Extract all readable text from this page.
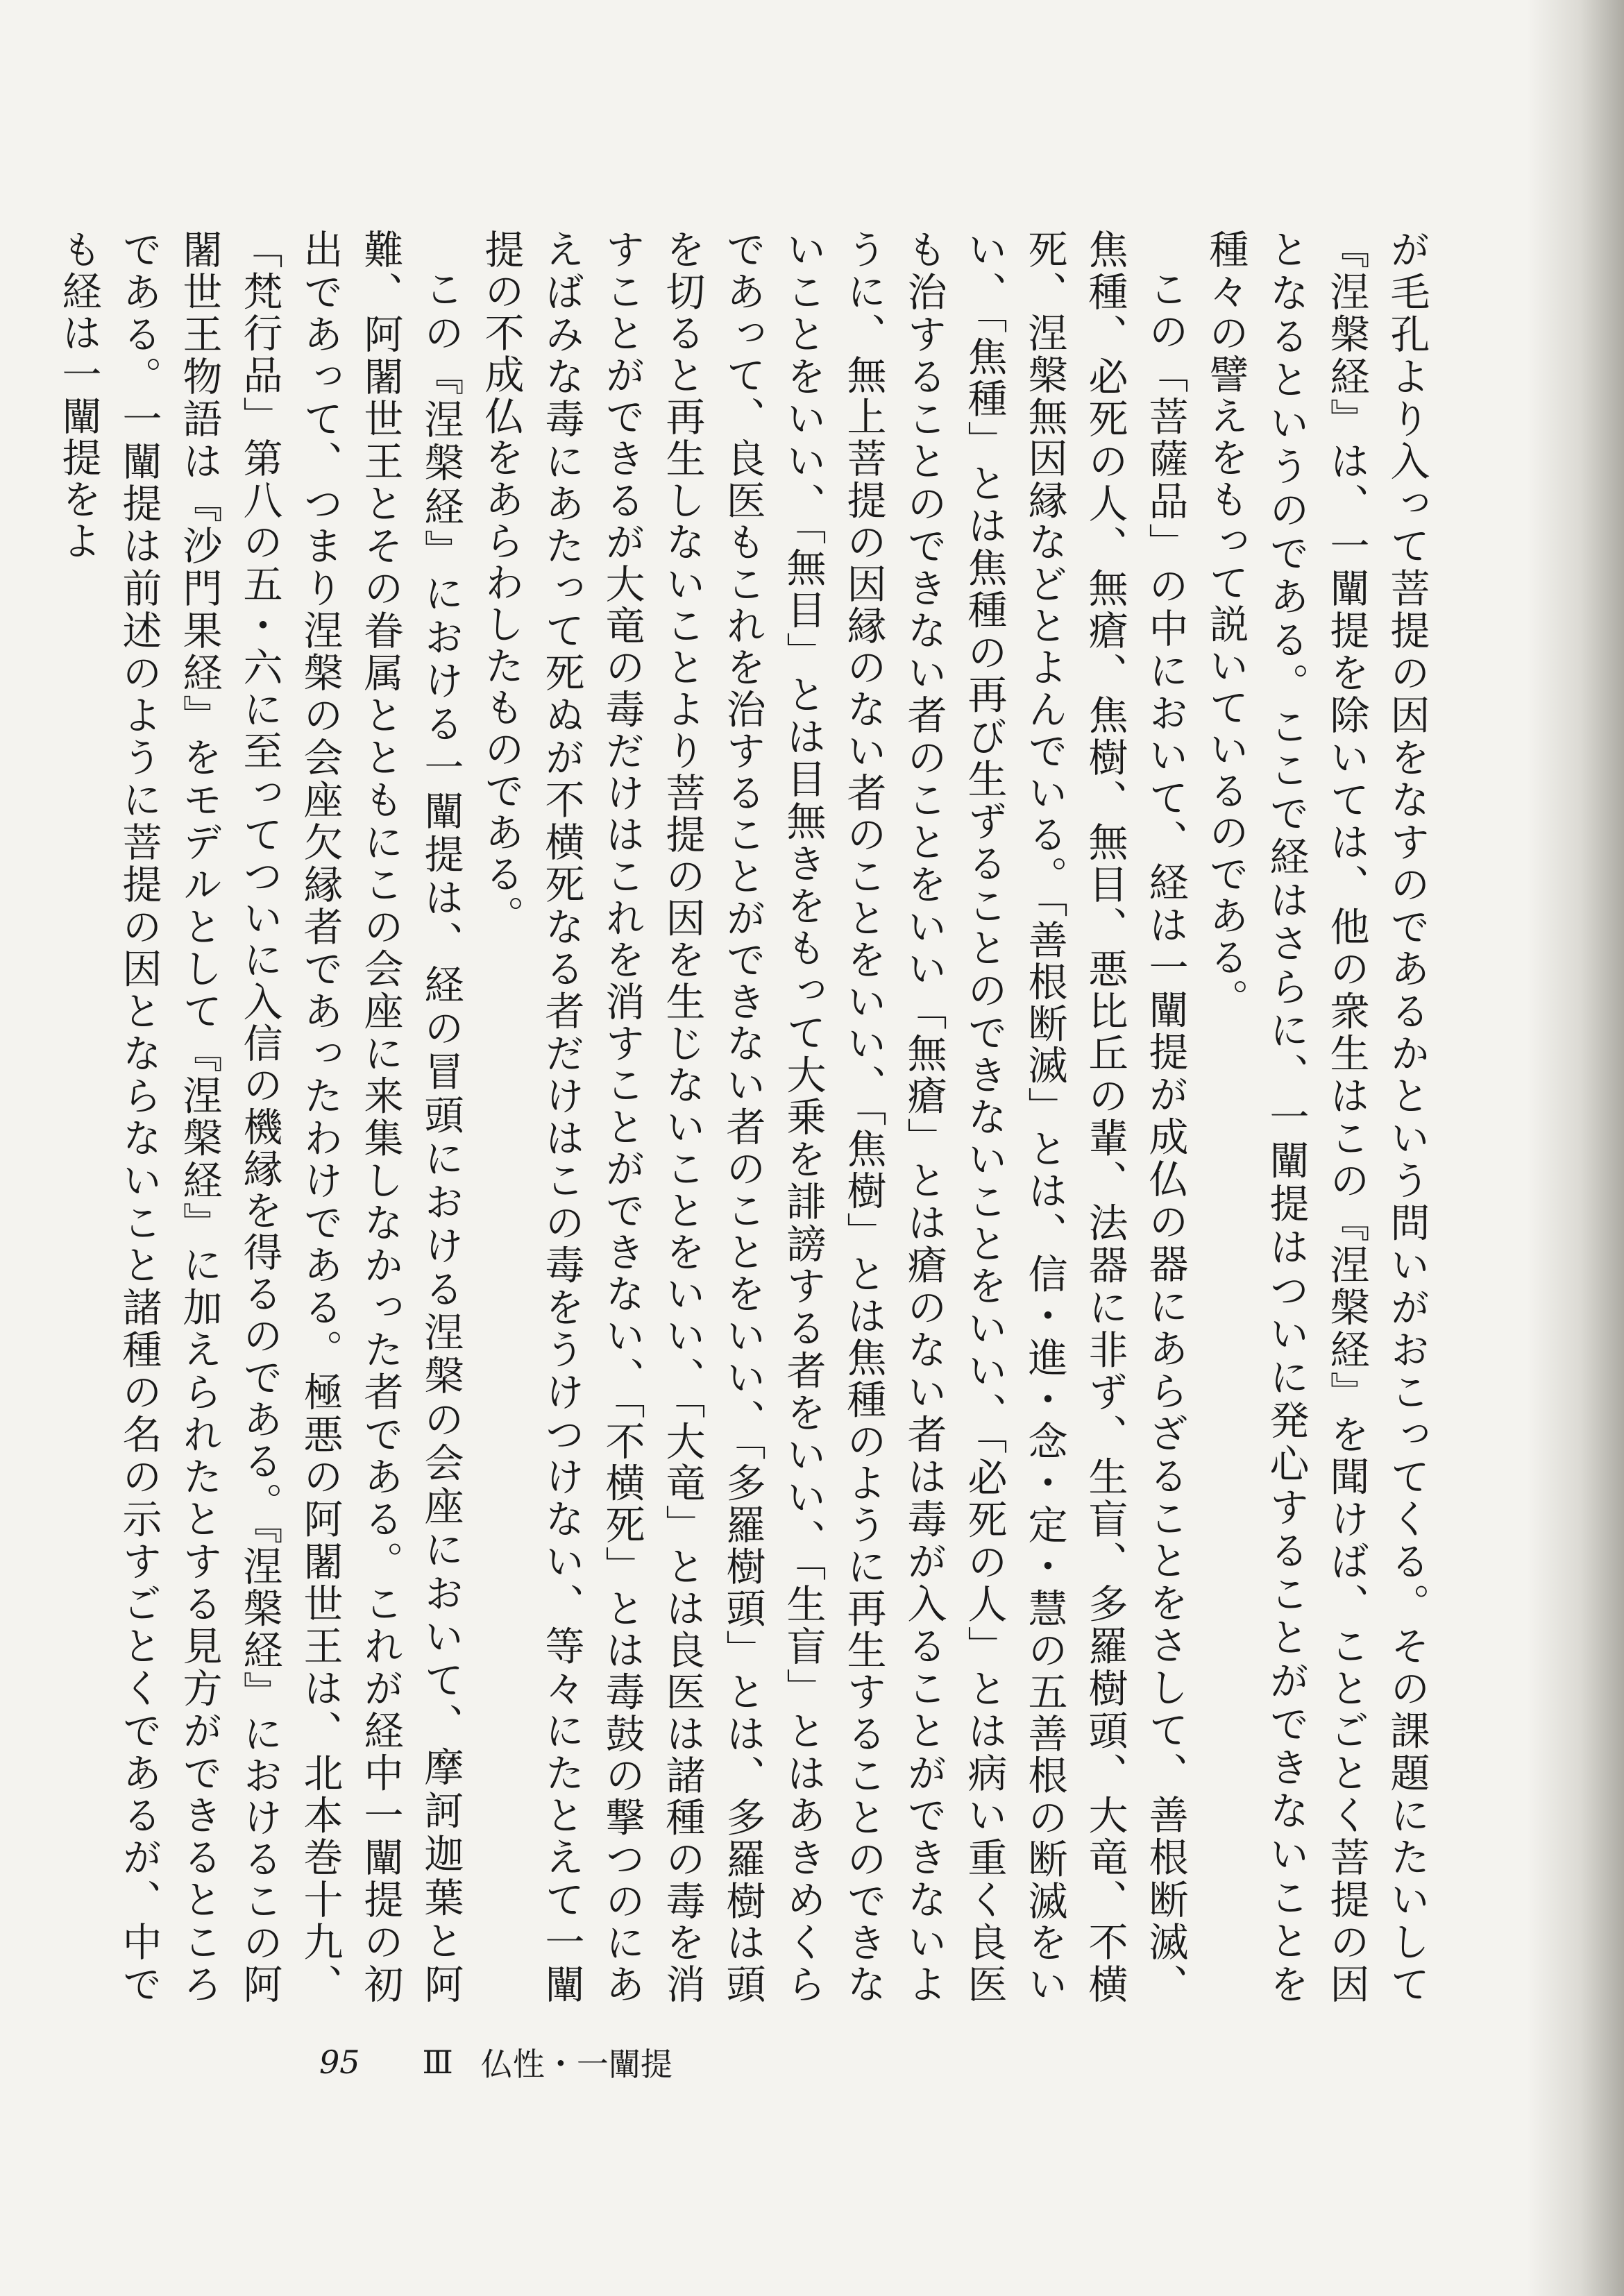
が毛孔より入って菩提の因をなすのであるかという問いがおこってくる。その課題にたいして『涅槃経』は、一闡提を除いては、他の衆生はこの『涅槃経』を聞けば、ことごとく菩提の因となるというのである。ここで経はさらに、一闡提はついに発心することができないことを種々の譬えをもって説いているのである。

この「菩薩品」の中において、経は一闡提が成仏の器にあらざることをさして、善根断滅、焦種、必死の人、無瘡、焦樹、無目、悪比丘の輩、法器に非ず、生盲、多羅樹頭、大竜、不横死、涅槃無因縁などとよんでいる。「善根断滅」とは、信・進・念・定・慧の五善根の断滅をいい、「焦種」とは焦種の再び生ずることのできないことをいい、「必死の人」とは病い重く良医も治することのできない者のことをいい「無瘡」とは瘡のない者は毒が入ることができないように、無上菩提の因縁のない者のことをいい、「焦樹」とは焦種のように再生することのできないことをいい、「無目」とは目無きをもって大乗を誹謗する者をいい、「生盲」とはあきめくらであって、良医もこれを治することができない者のことをいい、「多羅樹頭」とは、多羅樹は頭を切ると再生しないことより菩提の因を生じないことをいい、「大竜」とは良医は諸種の毒を消すことができるが大竜の毒だけはこれを消すことができない、「不横死」とは毒鼓の撃つのにあえばみな毒にあたって死ぬが不横死なる者だけはこの毒をうけつけない、等々にたとえて一闡提の不成仏をあらわしたものである。

この『涅槃経』における一闡提は、経の冒頭における涅槃の会座において、摩訶迦葉と阿難、阿闍世王とその眷属とともにこの会座に来集しなかった者である。これが経中一闡提の初出であって、つまり涅槃の会座欠縁者であったわけである。極悪の阿闍世王は、北本巻十九、「梵行品」第八の五・六に至ってついに入信の機縁を得るのである。『涅槃経』におけるこの阿闍世王物語は『沙門果経』をモデルとして『涅槃経』に加えられたとする見方ができるところである。一闡提は前述のように菩提の因とならないこと諸種の名の示すごとくであるが、中でも経は一闡提をよ

95 Ⅲ 仏性・一闡提
